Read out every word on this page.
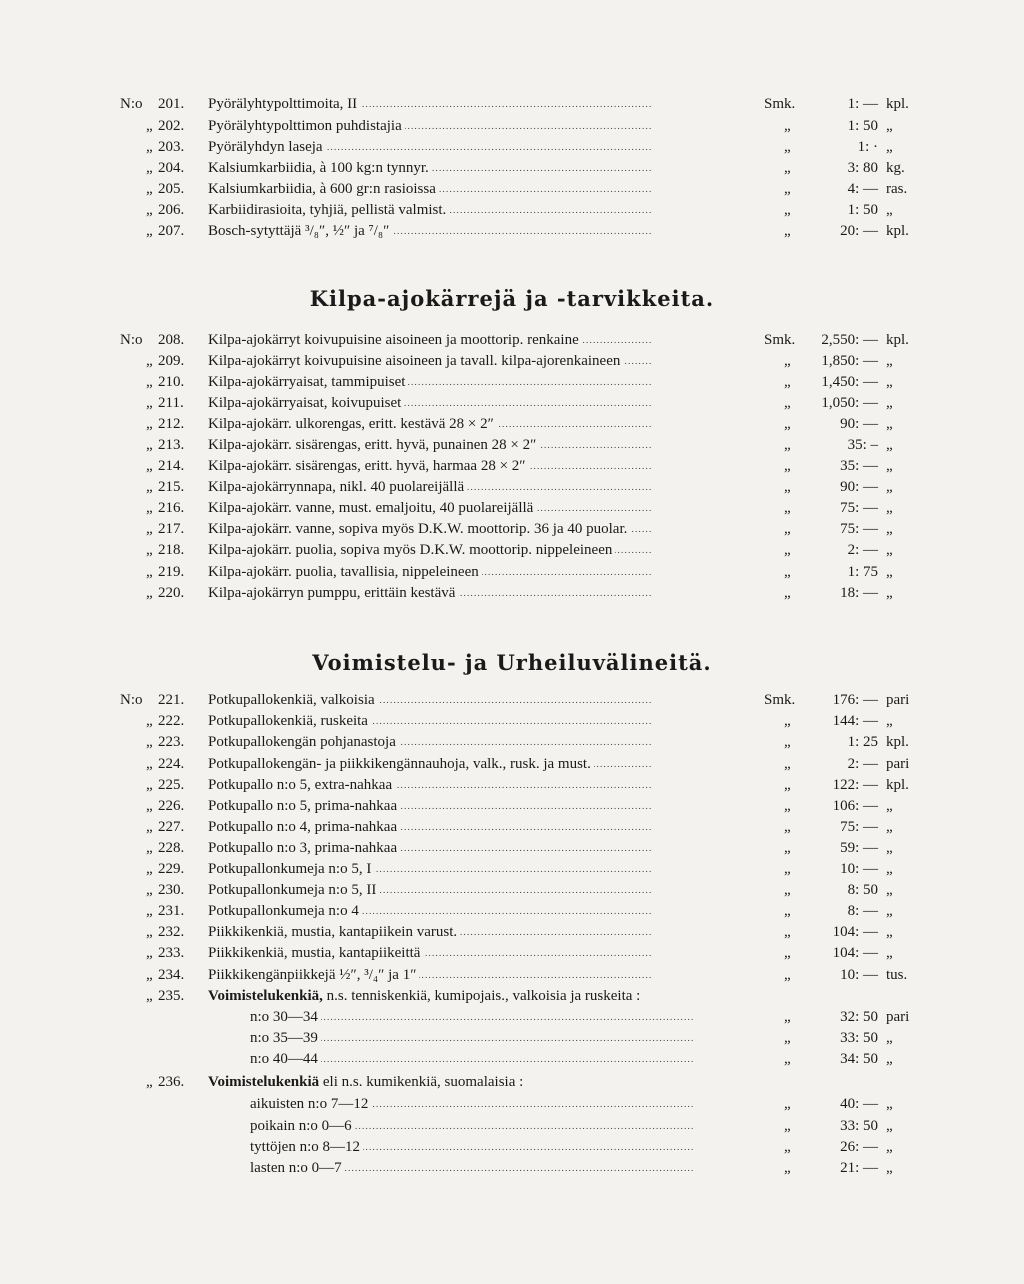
N:o 201. Pyörälyhtypolttimoita, II . . .	Smk.	1: — kpl.
„ 202. Pyörälyhtypolttimon puhdistajia . . .	„	1: 50 „
„ 203. Pyörälyhdyn laseja . . .	„	1: · „
„ 204. Kalsiumkarbiidia, à 100 kg:n tynnyr. . . .	„	3: 80 kg.
„ 205. Kalsiumkarbiidia, à 600 gr:n rasioissa . . .	„	4: — ras.
„ 206. Karbiidirasioita, tyhjiä, pellistä valmist. . . .	„	1: 50 „
„ 207. Bosch-sytyttäjä ³/₈″, ½″ ja ⁷/₈″ . . .	„	20: — kpl.
Kilpa-ajokärrejä ja -tarvikkeita.
N:o 208. Kilpa-ajokärryt koivupuisine aisoineen ja moottorip. renkaine . . .	Smk.	2,550: — kpl.
„ 209. Kilpa-ajokärryt koivupuisine aisoineen ja tavall. kilpa-ajorenkaineen . . .	„	1,850: — „
„ 210. Kilpa-ajokärryaisat, tammipuiset . . .	„	1,450: — „
„ 211. Kilpa-ajokärryaisat, koivupuiset . . .	„	1,050: — „
„ 212. Kilpa-ajokärr. ulkorengas, eritt. kestävä 28 × 2″ . . .	„	90: — „
„ 213. Kilpa-ajokärr. sisärengas, eritt. hyvä, punainen 28 × 2″ . . .	„	35: – „
„ 214. Kilpa-ajokärr. sisärengas, eritt. hyvä, harmaa 28 × 2″ . . .	„	35: — „
„ 215. Kilpa-ajokärrynnapa, nikl. 40 puolareijällä . . .	„	90: — „
„ 216. Kilpa-ajokärr. vanne, must. emaljoitu, 40 puolareijällä . . .	„	75: — „
„ 217. Kilpa-ajokärr. vanne, sopiva myös D.K.W. moottorip. 36 ja 40 puolar. . . .	„	75: — „
„ 218. Kilpa-ajokärr. puolia, sopiva myös D.K.W. moottorip. nippeleineen . . .	„	2: — „
„ 219. Kilpa-ajokärr. puolia, tavallisia, nippeleineen . . .	„	1: 75 „
„ 220. Kilpa-ajokärryn pumppu, erittäin kestävä . . .	„	18: — „
Voimistelu- ja Urheiluvälineitä.
N:o 221. Potkupallokenkiä, valkoisia . . .	Smk.	176: — pari
„ 222. Potkupallokenkiä, ruskeita . . .	„	144: — „
„ 223. Potkupallokengän pohjanastoja . . .	„	1: 25 kpl.
„ 224. Potkupallokengän- ja piikkikengännauhoja, valk., rusk. ja must. . . .	„	2: — pari
„ 225. Potkupallo n:o 5, extra-nahkaa . . .	„	122: — kpl.
„ 226. Potkupallo n:o 5, prima-nahkaa . . .	„	106: — „
„ 227. Potkupallo n:o 4, prima-nahkaa . . .	„	75: — „
„ 228. Potkupallo n:o 3, prima-nahkaa . . .	„	59: — „
„ 229. Potkupallonkumeja n:o 5, I . . .	„	10: — „
„ 230. Potkupallonkumeja n:o 5, II . . .	„	8: 50 „
„ 231. Potkupallonkumeja n:o 4 . . .	„	8: — „
„ 232. Piikkikenkiä, mustia, kantapiikein varust. . . .	„	104: — „
„ 233. Piikkikenkiä, mustia, kantapiikeittä . . .	„	104: — „
„ 234. Piikkikengänpiikkejä ½″, ³/₄″ ja 1″ . . .	„	10: — tus.
„ 235. Voimistelukenkiä, n.s. tenniskenkiä, kumipojais., valkoisia ja ruskeita :
n:o 30—34 . . .	„	32: 50 pari
n:o 35—39 . . .	„	33: 50 „
n:o 40—44 . . .	„	34: 50 „
„ 236. Voimistelukenkiä eli n.s. kumikenkiä, suomalaisia :
aikuisten n:o 7—12 . . .	„	40: — „
poikain n:o 0—6 . . .	„	33: 50 „
tyttöjen n:o 8—12 . . .	„	26: — „
lasten n:o 0—7 . . .	„	21: — „
